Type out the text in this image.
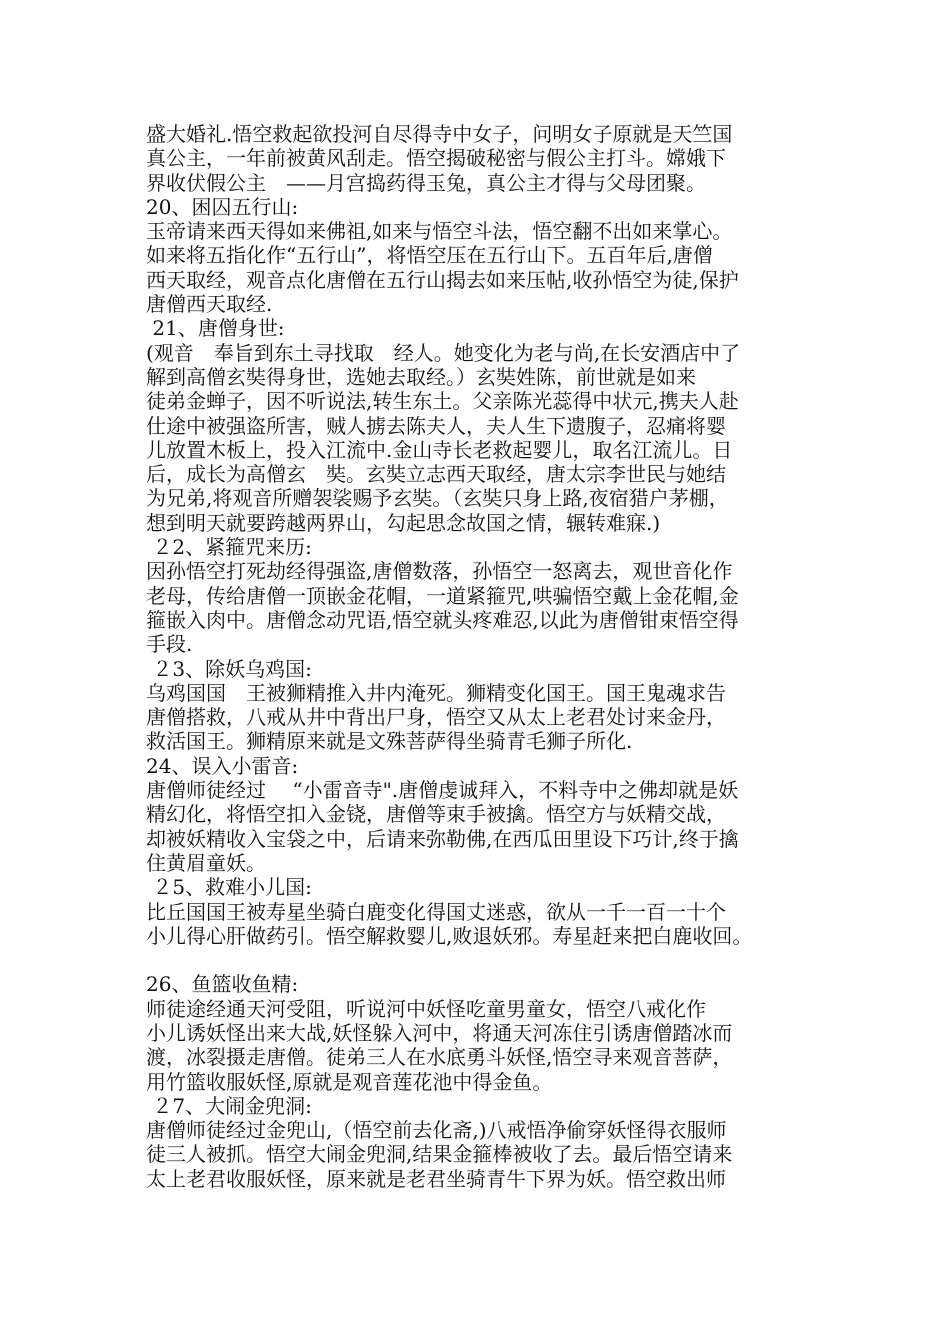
盛大婚礼.悟空救起欲投河自尽得寺中女子，问明女子原就是天竺国
真公主，一年前被黄风刮走。悟空揭破秘密与假公主打斗。嫦娥下
界收伏假公主　——月宫捣药得玉兔，真公主才得与父母团聚。
20、困囚五行山:
玉帝请来西天得如来佛祖,如来与悟空斗法，悟空翻不出如来掌心。
如来将五指化作“五行山”，将悟空压在五行山下。五百年后,唐僧
西天取经，观音点化唐僧在五行山揭去如来压帖,收孙悟空为徒,保护
唐僧西天取经.
21、唐僧身世:
(观音　奉旨到东土寻找取　经人。她变化为老与尚,在长安酒店中了
解到高僧玄奘得身世，选她去取经。）玄奘姓陈，前世就是如来
徒弟金蝉子，因不听说法,转生东土。父亲陈光蕊得中状元,携夫人赴
仕途中被强盗所害，贼人掳去陈夫人，夫人生下遗腹子，忍痛将婴
儿放置木板上，投入江流中.金山寺长老救起婴儿，取名江流儿。日
后，成长为高僧玄　奘。玄奘立志西天取经，唐太宗李世民与她结
为兄弟,将观音所赠袈裟赐予玄奘。（玄奘只身上路,夜宿猎户茅棚，
想到明天就要跨越两界山，勾起思念故国之情，辗转难寐.)
２2、紧箍咒来历:
因孙悟空打死劫经得强盗,唐僧数落，孙悟空一怒离去，观世音化作
老母，传给唐僧一顶嵌金花帽，一道紧箍咒,哄骗悟空戴上金花帽,金
箍嵌入肉中。唐僧念动咒语,悟空就头疼难忍,以此为唐僧钳束悟空得
手段.
２3、除妖乌鸡国:
乌鸡国国　王被狮精推入井内淹死。狮精变化国王。国王鬼魂求告
唐僧搭救，八戒从井中背出尸身，悟空又从太上老君处讨来金丹，
救活国王。狮精原来就是文殊菩萨得坐骑青毛狮子所化.
24、误入小雷音:
唐僧师徒经过　 “小雷音寺".唐僧虔诚拜入，不料寺中之佛却就是妖
精幻化，将悟空扣入金铙，唐僧等束手被擒。悟空方与妖精交战，
却被妖精收入宝袋之中，后请来弥勒佛,在西瓜田里设下巧计,终于擒
住黄眉童妖。
２5、救难小儿国:
比丘国国王被寿星坐骑白鹿变化得国丈迷惑，欲从一千一百一十个
小儿得心肝做药引。悟空解救婴儿,败退妖邪。寿星赶来把白鹿收回。
26、鱼篮收鱼精:
师徒途经通天河受阻，听说河中妖怪吃童男童女，悟空八戒化作
小儿诱妖怪出来大战,妖怪躲入河中，将通天河冻住引诱唐僧踏冰而
渡，冰裂摄走唐僧。徒弟三人在水底勇斗妖怪,悟空寻来观音菩萨，
用竹篮收服妖怪,原就是观音莲花池中得金鱼。
２7、大闹金兜洞:
唐僧师徒经过金兜山,（悟空前去化斋,)八戒悟净偷穿妖怪得衣服师
徒三人被抓。悟空大闹金兜洞,结果金箍棒被收了去。最后悟空请来
太上老君收服妖怪，原来就是老君坐骑青牛下界为妖。悟空救出师
